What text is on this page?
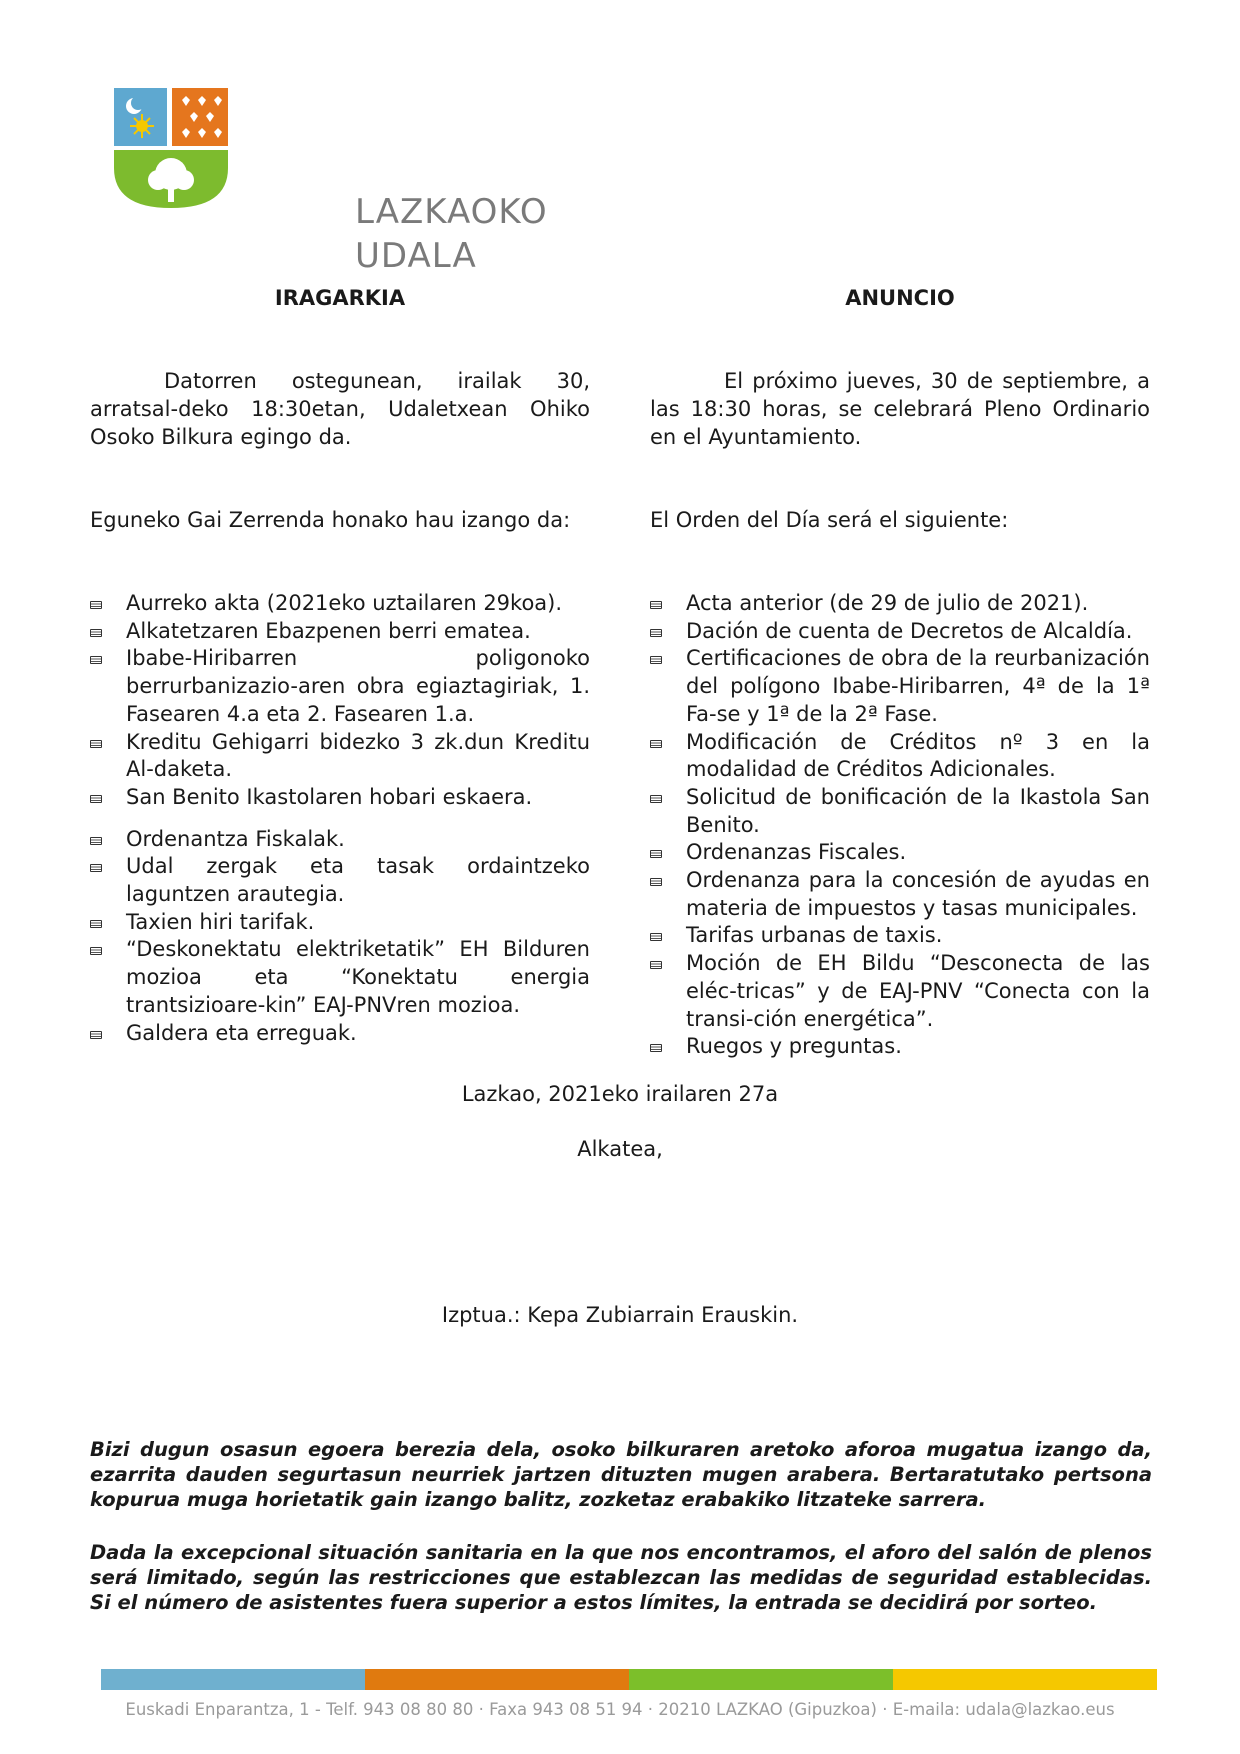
LAZKAOKO
UDALA
IRAGARKIA

Datorren ostegunean, irailak 30, arratsal-deko 18:30etan, Udaletxean Ohiko Osoko Bilkura egingo da.

Eguneko Gai Zerrenda honako hau izango da:

Aurreko akta (2021eko uztailaren 29koa).
Alkatetzaren Ebazpenen berri ematea.
Ibabe-Hiribarren poligonoko berrurbanizazio-aren obra egiaztagiriak, 1. Fasearen 4.a eta 2. Fasearen 1.a.
Kreditu Gehigarri bidezko 3 zk.dun Kreditu Al-daketa.
San Benito Ikastolaren hobari eskaera.
Ordenantza Fiskalak.
Udal zergak eta tasak ordaintzeko laguntzen arautegia.
Taxien hiri tarifak.
“Deskonektatu elektriketatik” EH Bilduren mozioa eta “Konektatu energia trantsizioare-kin” EAJ-PNVren mozioa.
Galdera eta erreguak.
ANUNCIO

El próximo jueves, 30 de septiembre, a las 18:30 horas, se celebrará Pleno Ordinario en el Ayuntamiento.

El Orden del Día será el siguiente:

Acta anterior (de 29 de julio de 2021).
Dación de cuenta de Decretos de Alcaldía.
Certificaciones de obra de la reurbanización del polígono Ibabe-Hiribarren, 4ª de la 1ª Fa-se y 1ª de la 2ª Fase.
Modificación de Créditos nº 3 en la modalidad de Créditos Adicionales.
Solicitud de bonificación de la Ikastola San Benito.
Ordenanzas Fiscales.
Ordenanza para la concesión de ayudas en materia de impuestos y tasas municipales.
Tarifas urbanas de taxis.
Moción de EH Bildu “Desconecta de las eléc-tricas” y de EAJ-PNV “Conecta con la transi-ción energética”.
Ruegos y preguntas.
Lazkao, 2021eko irailaren 27a
Alkatea,
Izptua.: Kepa Zubiarrain Erauskin.

Bizi dugun osasun egoera berezia dela, osoko bilkuraren aretoko aforoa mugatua izango da, ezarrita dauden segurtasun neurriek jartzen dituzten mugen arabera. Bertaratutako pertsona kopurua muga horietatik gain izango balitz, zozketaz erabakiko litzateke sarrera.

Dada la excepcional situación sanitaria en la que nos encontramos, el aforo del salón de plenos será limitado, según las restricciones que establezcan las medidas de seguridad establecidas. Si el número de asistentes fuera superior a estos límites, la entrada se decidirá por sorteo.

Euskadi Enparantza, 1 - Telf. 943 08 80 80 · Faxa 943 08 51 94 · 20210 LAZKAO (Gipuzkoa) · E-maila: udala@lazkao.eus
